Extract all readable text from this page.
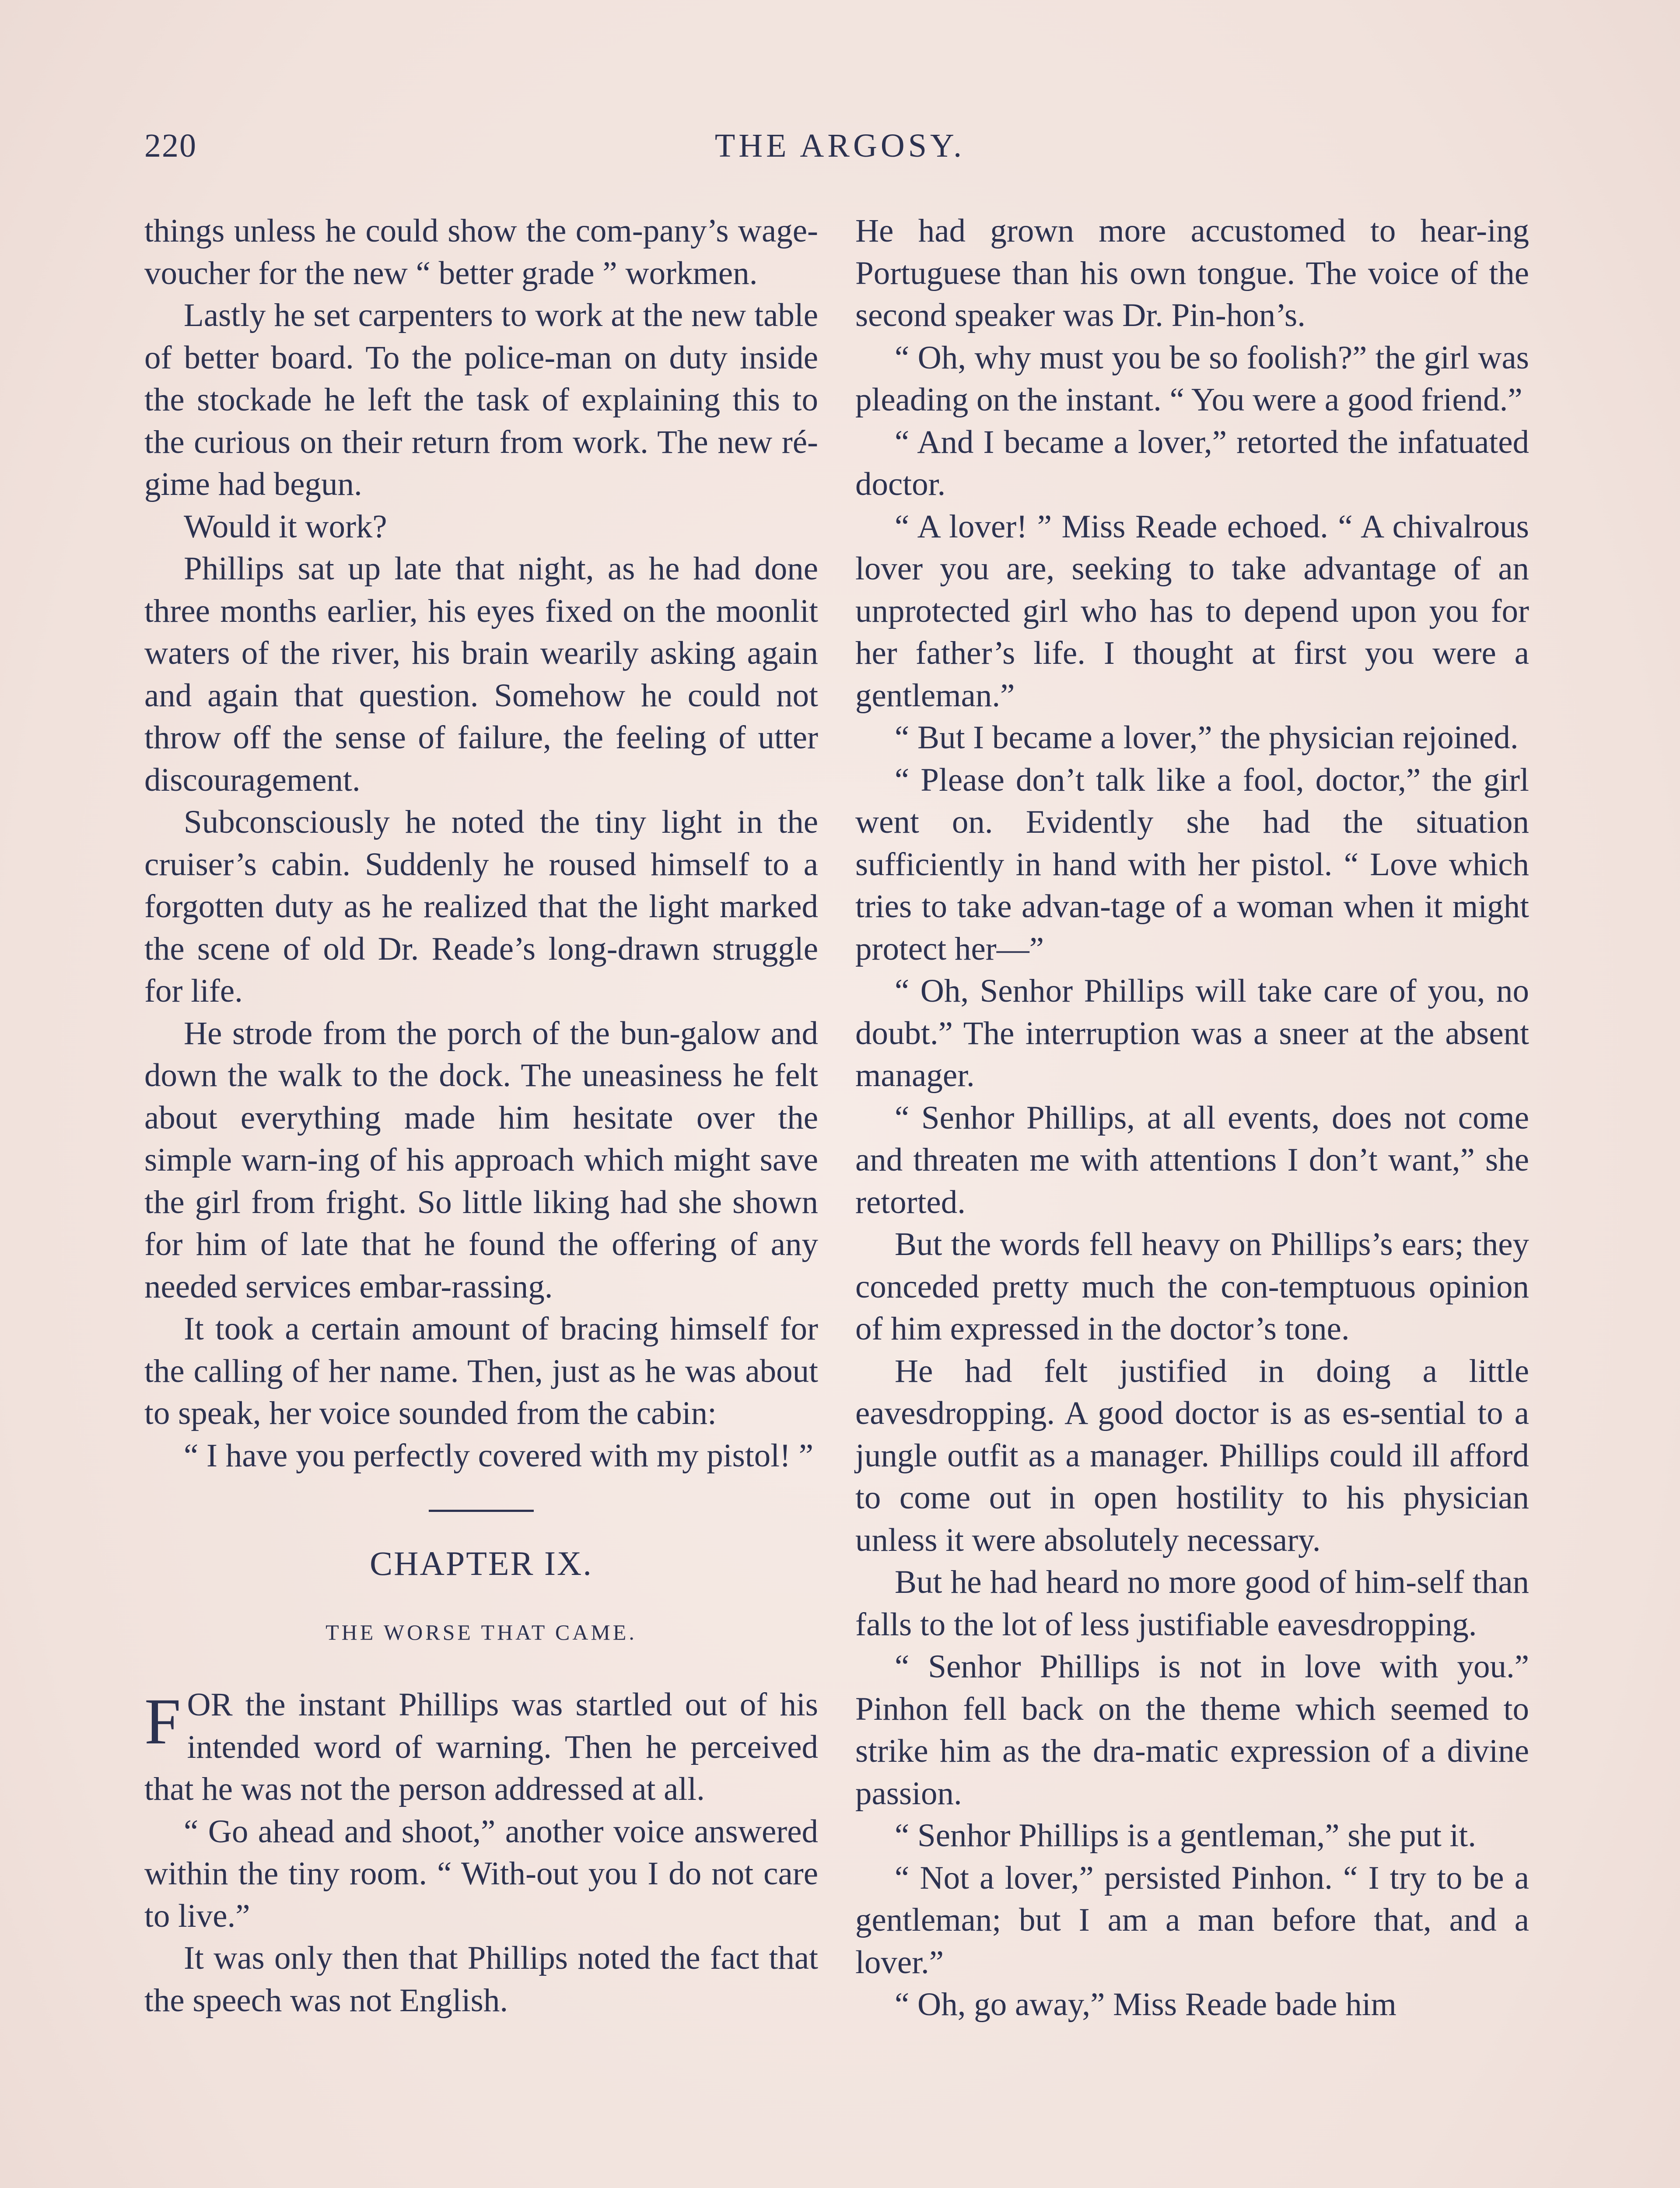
220	THE ARGOSY.

things unless he could show the com-pany’s wage-voucher for the new “ better grade ” workmen.

Lastly he set carpenters to work at the new table of better board. To the police-man on duty inside the stockade he left the task of explaining this to the curious on their return from work. The new ré-gime had begun.

Would it work?

Phillips sat up late that night, as he had done three months earlier, his eyes fixed on the moonlit waters of the river, his brain wearily asking again and again that question. Somehow he could not throw off the sense of failure, the feeling of utter discouragement.

Subconsciously he noted the tiny light in the cruiser’s cabin. Suddenly he roused himself to a forgotten duty as he realized that the light marked the scene of old Dr. Reade’s long-drawn struggle for life.

He strode from the porch of the bun-galow and down the walk to the dock. The uneasiness he felt about everything made him hesitate over the simple warn-ing of his approach which might save the girl from fright. So little liking had she shown for him of late that he found the offering of any needed services embar-rassing.

It took a certain amount of bracing himself for the calling of her name. Then, just as he was about to speak, her voice sounded from the cabin:

“ I have you perfectly covered with my pistol! ”

CHAPTER IX.
THE WORSE THAT CAME.

FOR the instant Phillips was startled out of his intended word of warning. Then he perceived that he was not the person addressed at all.

“ Go ahead and shoot,” another voice answered within the tiny room. “ With-out you I do not care to live.”

It was only then that Phillips noted the fact that the speech was not English.

He had grown more accustomed to hear-ing Portuguese than his own tongue. The voice of the second speaker was Dr. Pin-hon’s.

“ Oh, why must you be so foolish?” the girl was pleading on the instant. “ You were a good friend.”

“ And I became a lover,” retorted the infatuated doctor.

“ A lover! ” Miss Reade echoed. “ A chivalrous lover you are, seeking to take advantage of an unprotected girl who has to depend upon you for her father’s life. I thought at first you were a gentleman.”

“ But I became a lover,” the physician rejoined.

“ Please don’t talk like a fool, doctor,” the girl went on. Evidently she had the situation sufficiently in hand with her pistol. “ Love which tries to take advan-tage of a woman when it might protect her—”

“ Oh, Senhor Phillips will take care of you, no doubt.” The interruption was a sneer at the absent manager.

“ Senhor Phillips, at all events, does not come and threaten me with attentions I don’t want,” she retorted.

But the words fell heavy on Phillips’s ears; they conceded pretty much the con-temptuous opinion of him expressed in the doctor’s tone.

He had felt justified in doing a little eavesdropping. A good doctor is as es-sential to a jungle outfit as a manager. Phillips could ill afford to come out in open hostility to his physician unless it were absolutely necessary.

But he had heard no more good of him-self than falls to the lot of less justifiable eavesdropping.

“ Senhor Phillips is not in love with you.” Pinhon fell back on the theme which seemed to strike him as the dra-matic expression of a divine passion.

“ Senhor Phillips is a gentleman,” she put it.

“ Not a lover,” persisted Pinhon. “ I try to be a gentleman; but I am a man before that, and a lover.”

“ Oh, go away,” Miss Reade bade him
